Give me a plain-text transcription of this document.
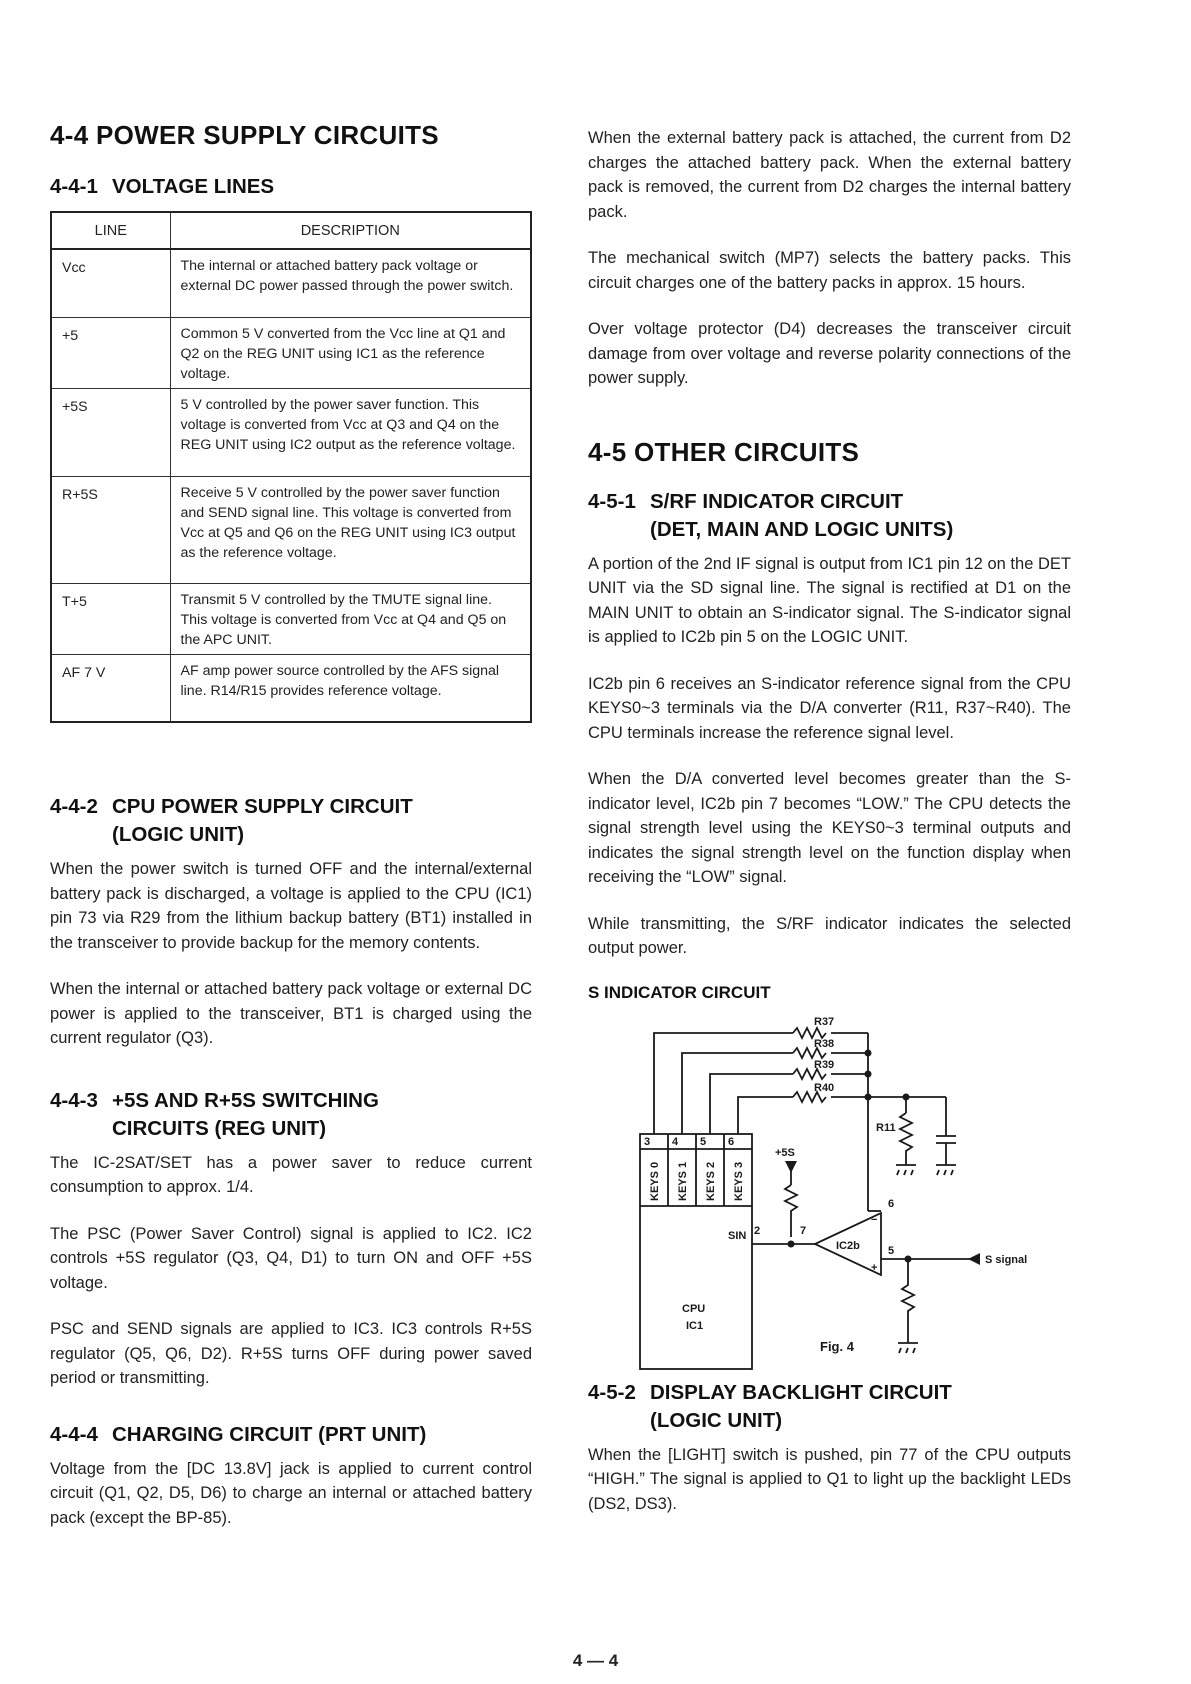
4-4 POWER SUPPLY CIRCUITS
4-4-1 VOLTAGE LINES
LINE	DESCRIPTION
Vcc	The internal or attached battery pack voltage or external DC power passed through the power switch.
+5	Common 5 V converted from the Vcc line at Q1 and Q2 on the REG UNIT using IC1 as the reference voltage.
+5S	5 V controlled by the power saver function. This voltage is converted from Vcc at Q3 and Q4 on the REG UNIT using IC2 output as the reference voltage.
R+5S	Receive 5 V controlled by the power saver function and SEND signal line. This voltage is converted from Vcc at Q5 and Q6 on the REG UNIT using IC3 output as the reference voltage.
T+5	Transmit 5 V controlled by the TMUTE signal line. This voltage is converted from Vcc at Q4 and Q5 on the APC UNIT.
AF 7 V	AF amp power source controlled by the AFS signal line. R14/R15 provides reference voltage.
4-4-2 CPU POWER SUPPLY CIRCUIT
(LOGIC UNIT)

When the power switch is turned OFF and the internal/external battery pack is discharged, a voltage is applied to the CPU (IC1) pin 73 via R29 from the lithium backup battery (BT1) installed in the transceiver to provide backup for the memory contents.

When the internal or attached battery pack voltage or external DC power is applied to the transceiver, BT1 is charged using the current regulator (Q3).

4-4-3 +5S AND R+5S SWITCHING
CIRCUITS (REG UNIT)

The IC-2SAT/SET has a power saver to reduce current consumption to approx. 1/4.

The PSC (Power Saver Control) signal is applied to IC2. IC2 controls +5S regulator (Q3, Q4, D1) to turn ON and OFF +5S voltage.

PSC and SEND signals are applied to IC3. IC3 controls R+5S regulator (Q5, Q6, D2). R+5S turns OFF during power saved period or transmitting.

4-4-4 CHARGING CIRCUIT (PRT UNIT)

Voltage from the [DC 13.8V] jack is applied to current control circuit (Q1, Q2, D5, D6) to charge an internal or attached battery pack (except the BP-85).

When the external battery pack is attached, the current from D2 charges the attached battery pack. When the external battery pack is removed, the current from D2 charges the internal battery pack.

The mechanical switch (MP7) selects the battery packs. This circuit charges one of the battery packs in approx. 15 hours.

Over voltage protector (D4) decreases the transceiver circuit damage from over voltage and reverse polarity connections of the power supply.

4-5 OTHER CIRCUITS
4-5-1 S/RF INDICATOR CIRCUIT
(DET, MAIN AND LOGIC UNITS)

A portion of the 2nd IF signal is output from IC1 pin 12 on the DET UNIT via the SD signal line. The signal is rectified at D1 on the MAIN UNIT to obtain an S-indicator signal. The S-indicator signal is applied to IC2b pin 5 on the LOGIC UNIT.

IC2b pin 6 receives an S-indicator reference signal from the CPU KEYS0~3 terminals via the D/A converter (R11, R37~R40). The CPU terminals increase the reference signal level.

When the D/A converted level becomes greater than the S-indicator level, IC2b pin 7 becomes “LOW.” The CPU detects the signal strength level using the KEYS0~3 terminal outputs and indicates the signal strength level on the function display when receiving the “LOW” signal.

While transmitting, the S/RF indicator indicates the selected output power.

S INDICATOR CIRCUIT
R37
R38
R39
R40
R11
3 4 5 6
KEYS 0 KEYS 1 KEYS 2 KEYS 3
+5S
SIN 2	7
6
5
−
+
IC2b
S signal
CPU
IC1
Fig. 4
4-5-2 DISPLAY BACKLIGHT CIRCUIT
(LOGIC UNIT)

When the [LIGHT] switch is pushed, pin 77 of the CPU outputs “HIGH.” The signal is applied to Q1 to light up the backlight LEDs (DS2, DS3).

4 — 4
